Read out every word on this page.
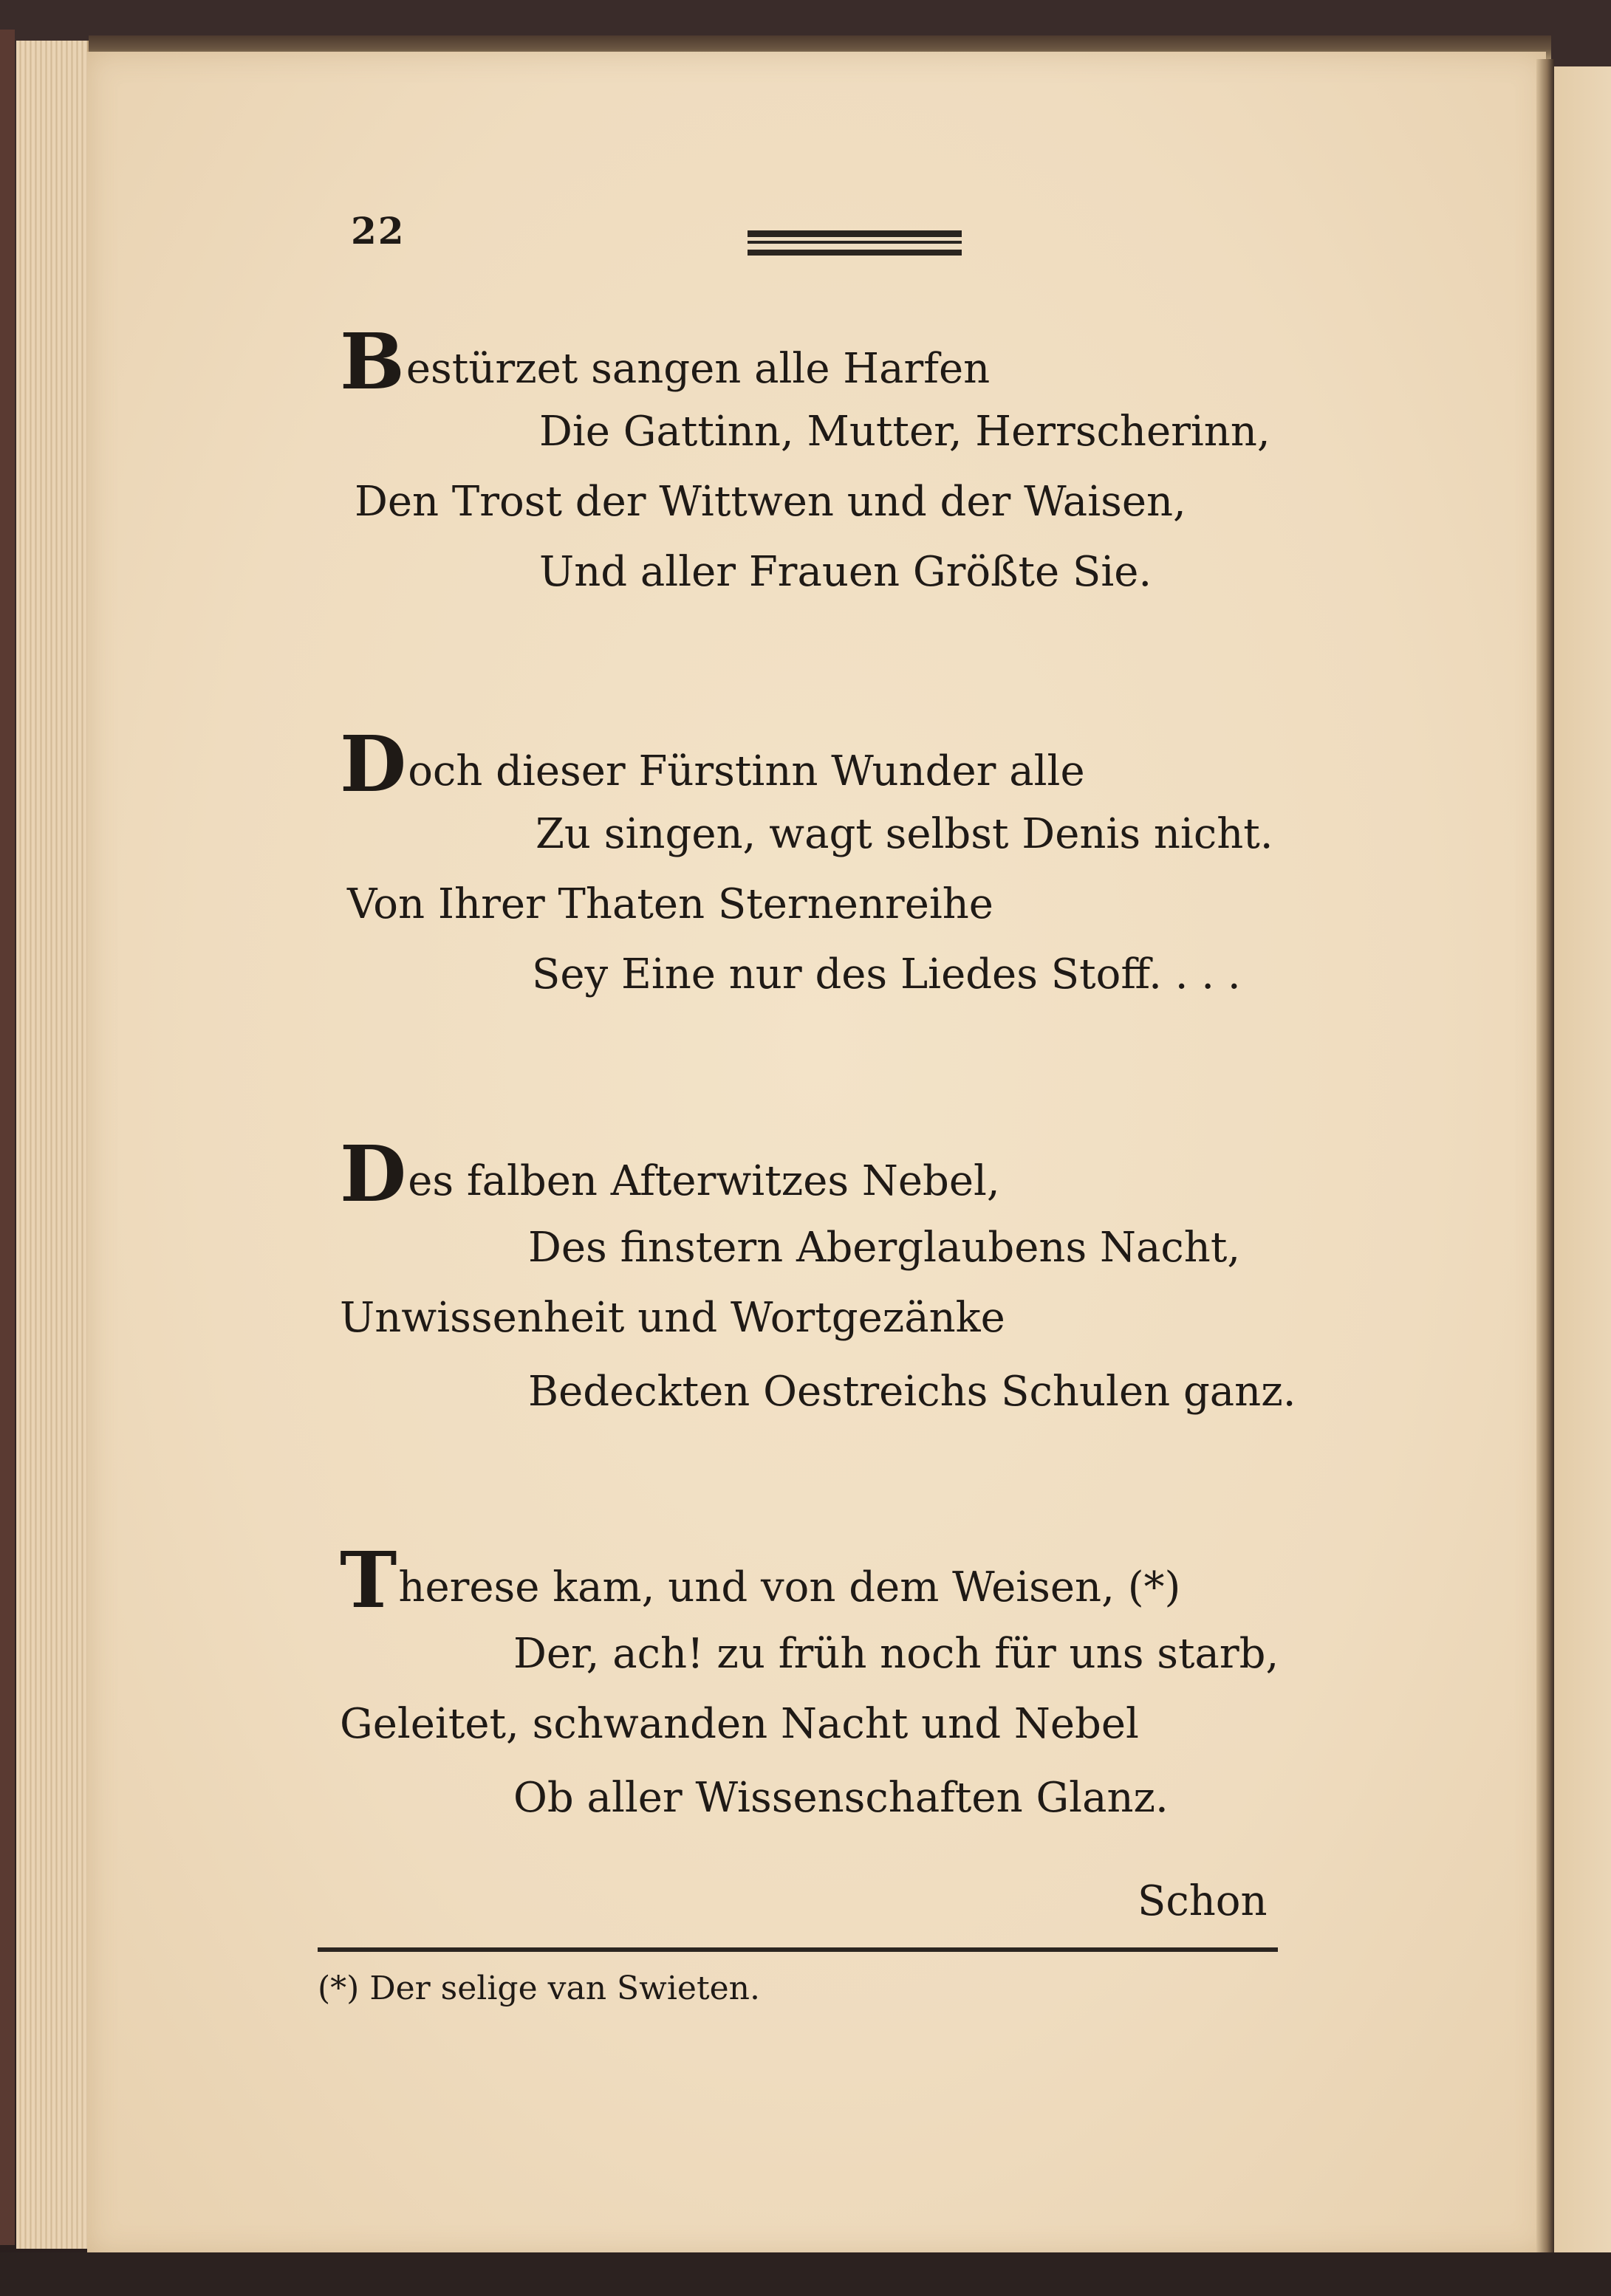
22
Bestürzet sangen alle Harfen
Die Gattinn, Mutter, Herrscherinn,
Den Trost der Wittwen und der Waisen,
Und aller Frauen Größte Sie.
Doch dieser Fürstinn Wunder alle
Zu singen, wagt selbst Denis nicht.
Von Ihrer Thaten Sternenreihe
Sey Eine nur des Liedes Stoff. . . .
Des falben Afterwitzes Nebel,
Des finstern Aberglaubens Nacht,
Unwissenheit und Wortgezänke
Bedeckten Oestreichs Schulen ganz.
Therese kam, und von dem Weisen, (*)
Der, ach! zu früh noch für uns starb,
Geleitet, schwanden Nacht und Nebel
Ob aller Wissenschaften Glanz.
Schon
(*) Der selige van Swieten.
